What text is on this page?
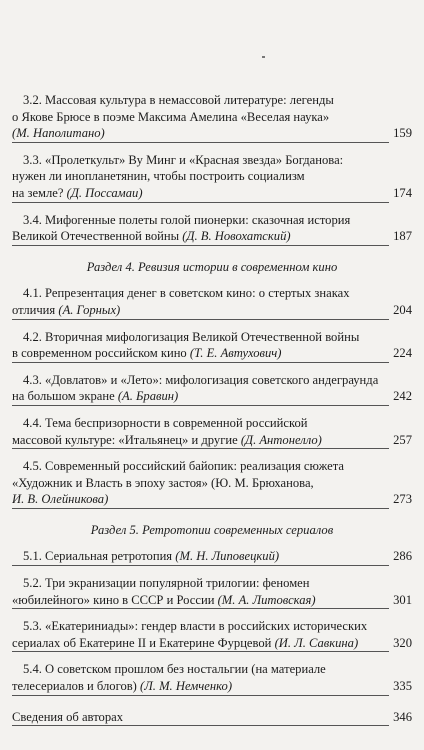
3.2. Массовая культура в немассовой литературе: легенды
о Якове Брюсе в поэме Максима Амелина «Веселая наука»
(М. Наполитано)	159
3.3. «Пролеткульт» Ву Минг и «Красная звезда» Богданова:
нужен ли инопланетянин, чтобы построить социализм
на земле? (Д. Поссамаи)	174
3.4. Мифогенные полеты голой пионерки: сказочная история
Великой Отечественной войны (Д. В. Новохатский)	187
Раздел 4. Ревизия истории в современном кино
4.1. Репрезентация денег в советском кино: о стертых знаках
отличия (А. Горных)	204
4.2. Вторичная мифологизация Великой Отечественной войны
в современном российском кино (Т. Е. Автухович)	224
4.3. «Довлатов» и «Лето»: мифологизация советского андеграунда
на большом экране (А. Бравин)	242
4.4. Тема беспризорности в современной российской
массовой культуре: «Итальянец» и другие (Д. Антонелло)	257
4.5. Современный российский байопик: реализация сюжета
«Художник и Власть в эпоху застоя» (Ю. М. Брюханова,
И. В. Олейникова)	273
Раздел 5. Ретротопии современных сериалов
5.1. Сериальная ретротопия (М. Н. Липовецкий)	286
5.2. Три экранизации популярной трилогии: феномен
«юбилейного» кино в СССР и России (М. А. Литовская)	301
5.3. «Екатериниады»: гендер власти в российских исторических
сериалах об Екатерине II и Екатерине Фурцевой (И. Л. Савкина)	320
5.4. О советском прошлом без ностальгии (на материале
телесериалов и блогов) (Л. М. Немченко)	335
Сведения об авторах	346
